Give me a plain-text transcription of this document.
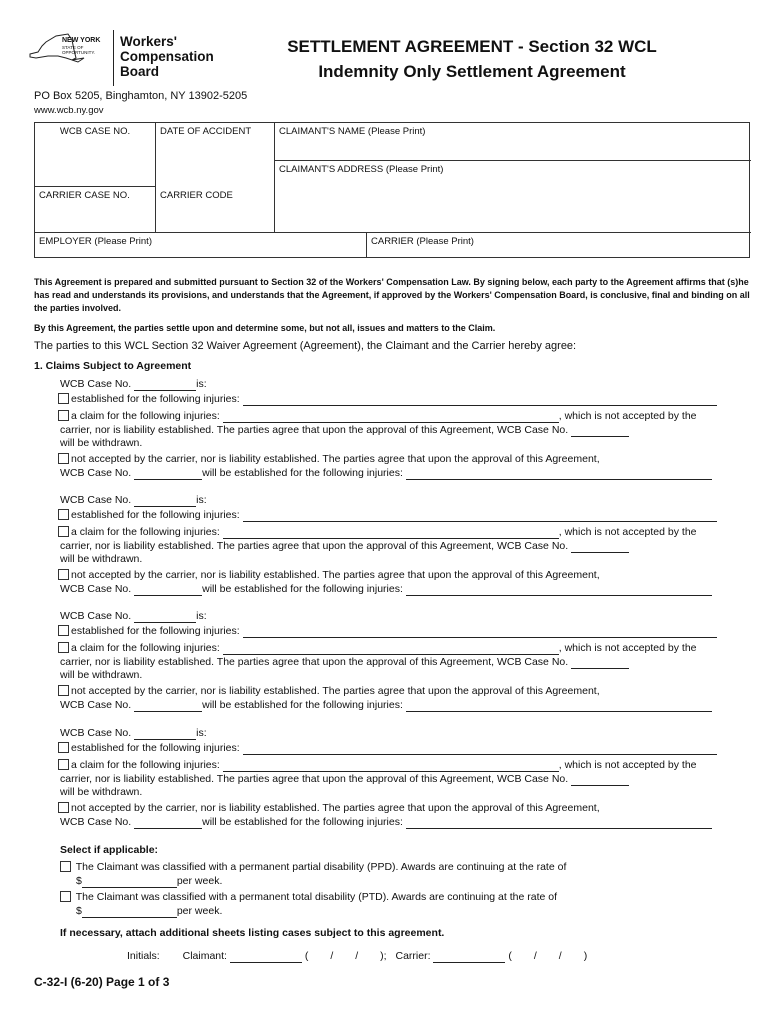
NEW YORK
STATE OF
OPPORTUNITY.
Workers'
Compensation
Board
SETTLEMENT AGREEMENT - Section 32 WCL
Indemnity Only Settlement Agreement
PO Box 5205, Binghamton, NY 13902-5205
www.wcb.ny.gov
WCB CASE NO.	DATE OF ACCIDENT	CLAIMANT'S NAME (Please Print)
CLAIMANT'S ADDRESS (Please Print)
CARRIER CASE NO.	CARRIER CODE
EMPLOYER (Please Print)	CARRIER (Please Print)
This Agreement is prepared and submitted pursuant to Section 32 of the Workers' Compensation Law. By signing below, each party to the Agreement affirms that (s)he has read and understands its provisions, and understands that the Agreement, if approved by the Workers' Compensation Board, is conclusive, final and binding on all the parties involved.
By this Agreement, the parties settle upon and determine some, but not all, issues and matters to the Claim.
The parties to this WCL Section 32 Waiver Agreement (Agreement), the Claimant and the Carrier hereby agree:
1. Claims Subject to Agreement
WCB Case No.	is:
established for the following injuries:
a claim for the following injuries:	, which is not accepted by the
carrier, nor is liability established. The parties agree that upon the approval of this Agreement, WCB Case No.
will be withdrawn.
not accepted by the carrier, nor is liability established. The parties agree that upon the approval of this Agreement,
WCB Case No.	will be established for the following injuries:
WCB Case No.	is:
established for the following injuries:
a claim for the following injuries:	, which is not accepted by the
carrier, nor is liability established. The parties agree that upon the approval of this Agreement, WCB Case No.
will be withdrawn.
not accepted by the carrier, nor is liability established. The parties agree that upon the approval of this Agreement,
WCB Case No.	will be established for the following injuries:
WCB Case No.	is:
established for the following injuries:
a claim for the following injuries:	, which is not accepted by the
carrier, nor is liability established. The parties agree that upon the approval of this Agreement, WCB Case No.
will be withdrawn.
not accepted by the carrier, nor is liability established. The parties agree that upon the approval of this Agreement,
WCB Case No.	will be established for the following injuries:
WCB Case No.	is:
established for the following injuries:
a claim for the following injuries:	, which is not accepted by the
carrier, nor is liability established. The parties agree that upon the approval of this Agreement, WCB Case No.
will be withdrawn.
not accepted by the carrier, nor is liability established. The parties agree that upon the approval of this Agreement,
WCB Case No.	will be established for the following injuries:
Select if applicable:
The Claimant was classified with a permanent partial disability (PPD). Awards are continuing at the rate of
$	per week.
The Claimant was classified with a permanent total disability (PTD). Awards are continuing at the rate of
$	per week.
If necessary, attach additional sheets listing cases subject to this agreement.
Initials: Claimant:	( / / ); Carrier:	( / / )
C-32-I (6-20) Page 1 of 3
